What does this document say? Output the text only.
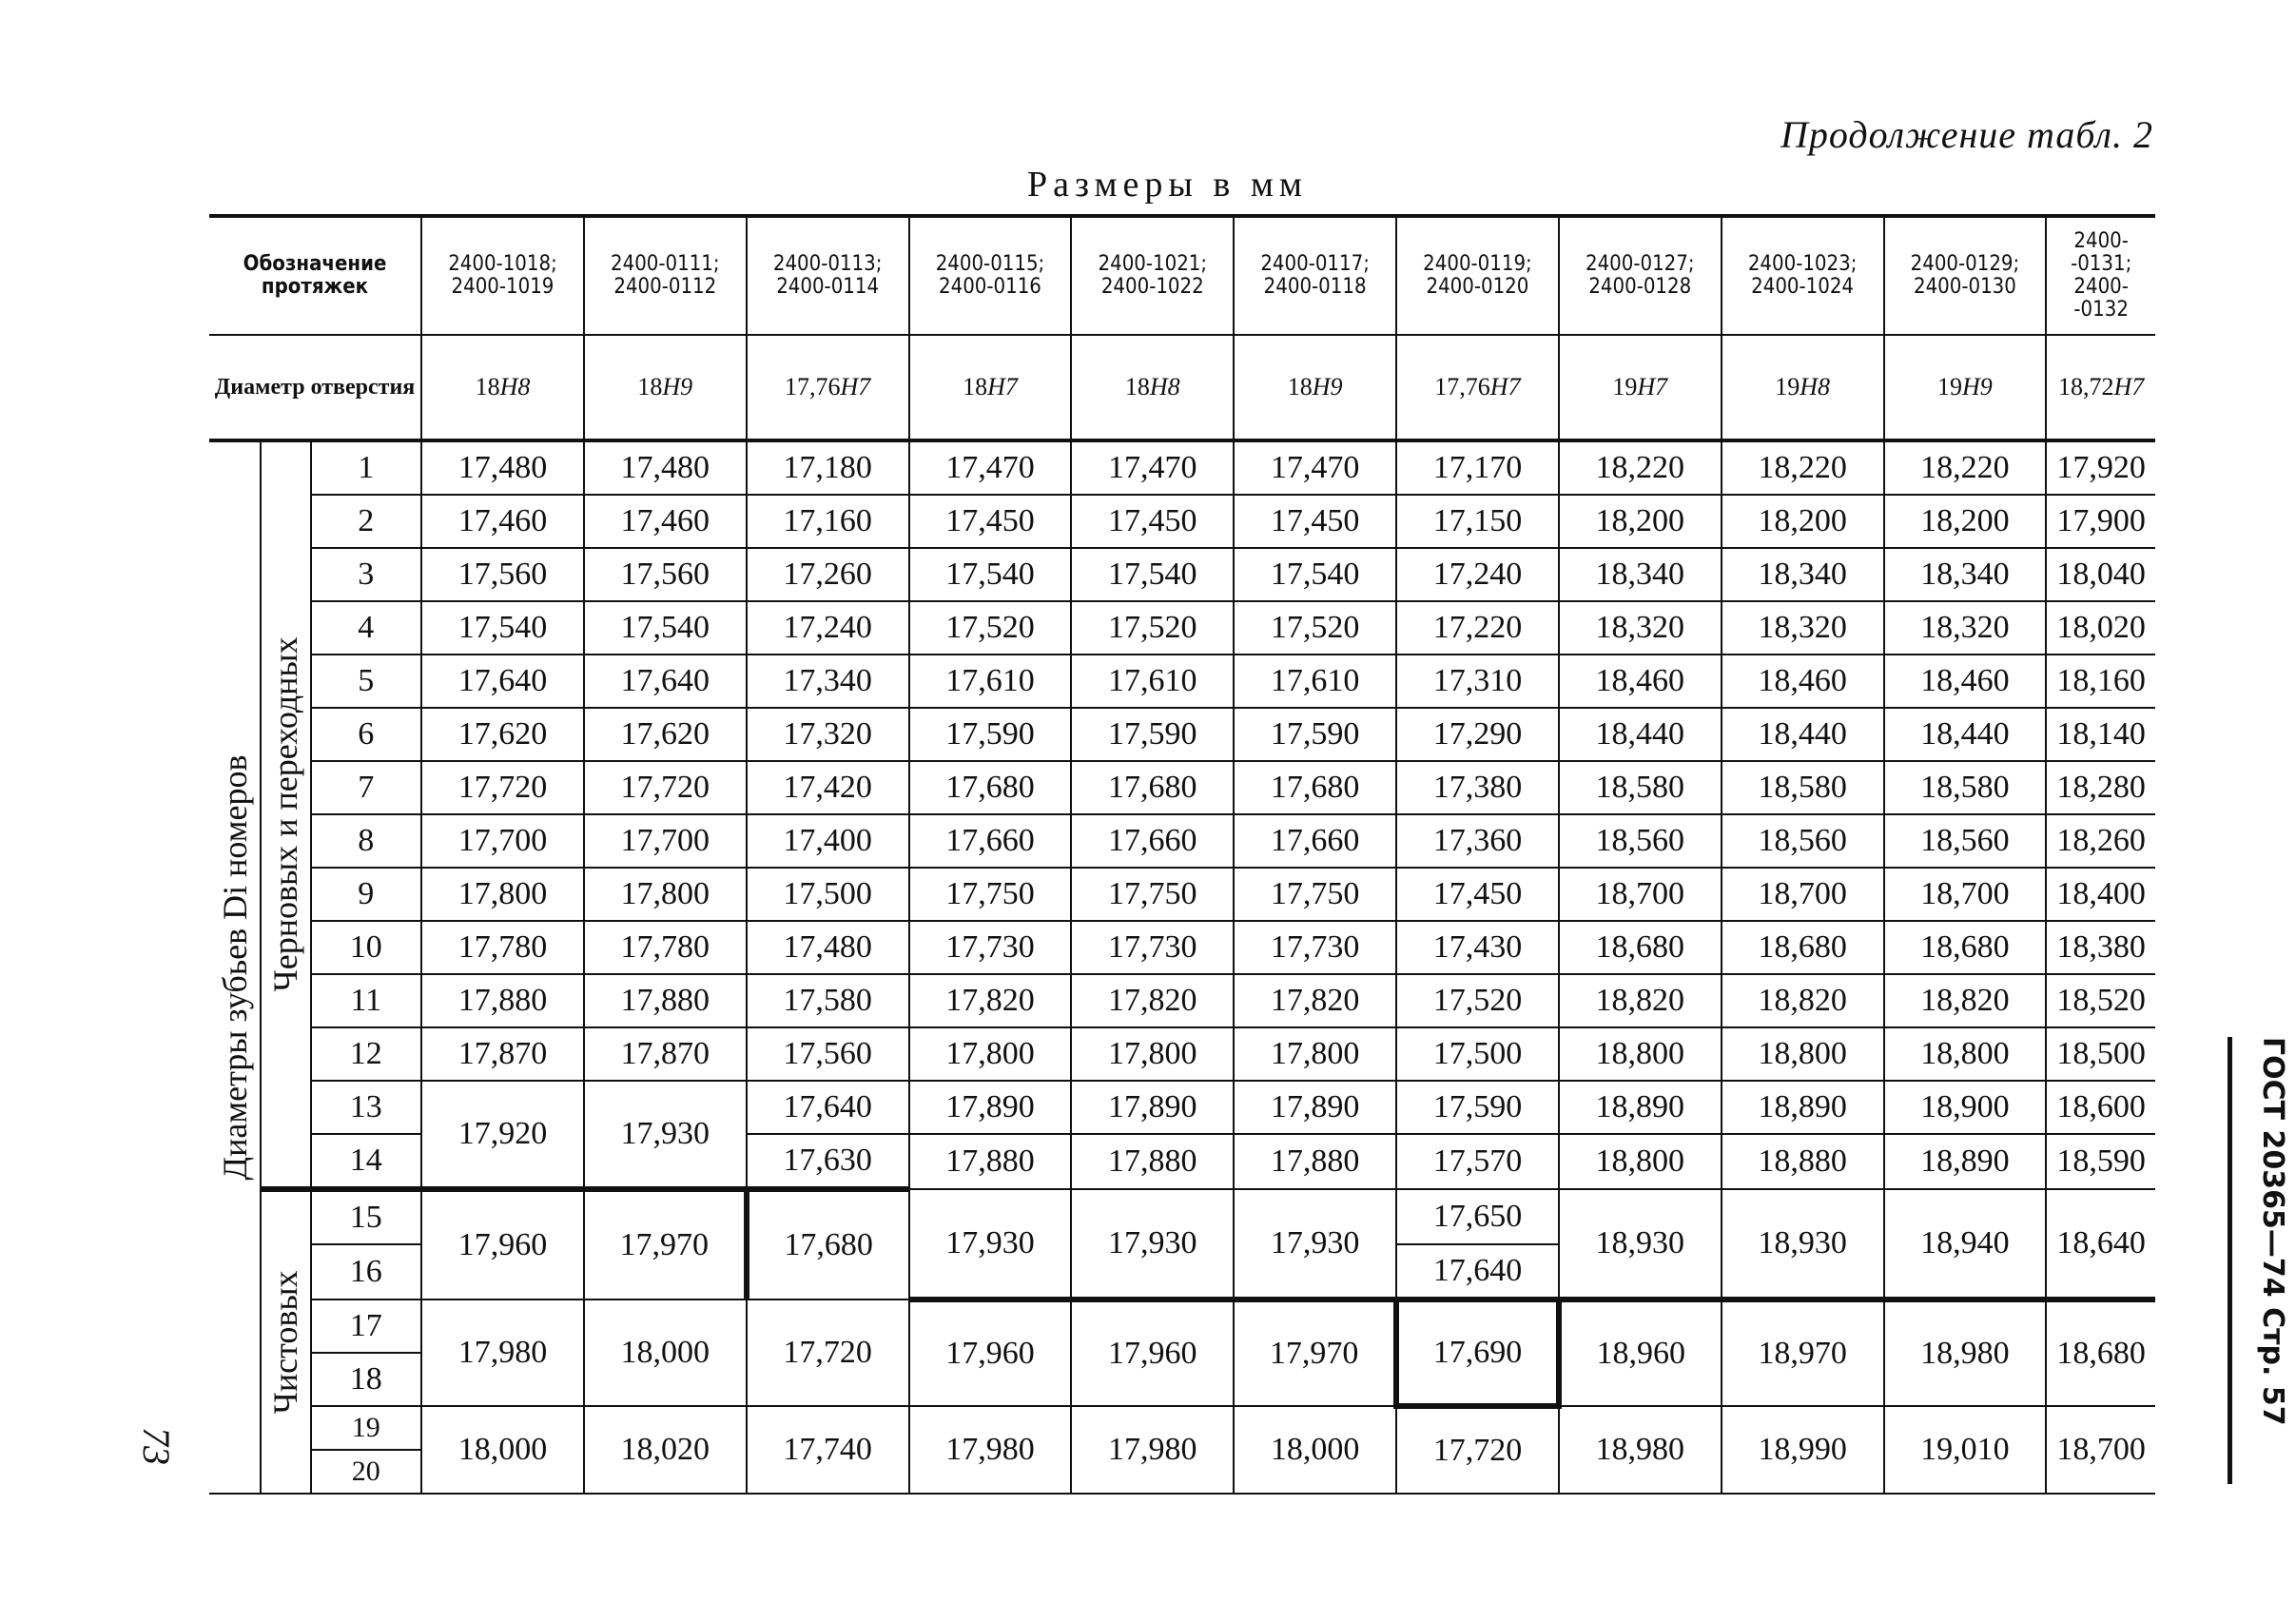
Продолжение табл. 2
Размеры в мм
ГОСТ 20365—74 Стр. 57
73
Обозначение протяжек			2400-1018; 2400-1019	2400-0111; 2400-0112	2400-0113; 2400-0114	2400-0115; 2400-0116	2400-1021; 2400-1022	2400-0117; 2400-0118	2400-0119; 2400-0120	2400-0127; 2400-0128	2400-1023; 2400-1024	2400-0129; 2400-0130	2400- -0131; 2400- -0132
Диаметр отверстия			18H8	18H9	17,76H7	18H7	18H8	18H9	17,76H7	19H7	19H8	19H9	18,72H7

Диаметры зубьев Di номеров	Черновых и переходных	1	17,480	17,480	17,180	17,470	17,470	17,470	17,170	18,220	18,220	18,220	17,920
		2	17,460	17,460	17,160	17,450	17,450	17,450	17,150	18,200	18,200	18,200	17,900
		3	17,560	17,560	17,260	17,540	17,540	17,540	17,240	18,340	18,340	18,340	18,040
		4	17,540	17,540	17,240	17,520	17,520	17,520	17,220	18,320	18,320	18,320	18,020
		5	17,640	17,640	17,340	17,610	17,610	17,610	17,310	18,460	18,460	18,460	18,160
		6	17,620	17,620	17,320	17,590	17,590	17,590	17,290	18,440	18,440	18,440	18,140
		7	17,720	17,720	17,420	17,680	17,680	17,680	17,380	18,580	18,580	18,580	18,280
		8	17,700	17,700	17,400	17,660	17,660	17,660	17,360	18,560	18,560	18,560	18,260
		9	17,800	17,800	17,500	17,750	17,750	17,750	17,450	18,700	18,700	18,700	18,400
		10	17,780	17,780	17,480	17,730	17,730	17,730	17,430	18,680	18,680	18,680	18,380
		11	17,880	17,880	17,580	17,820	17,820	17,820	17,520	18,820	18,820	18,820	18,520
		12	17,870	17,870	17,560	17,800	17,800	17,800	17,500	18,800	18,800	18,800	18,500
		13	17,920	17,930	17,640	17,890	17,890	17,890	17,590	18,890	18,890	18,900	18,600
		14			17,630	17,880	17,880	17,880	17,570	18,800	18,880	18,890	18,590

	Чистовых	15	17,960	17,970	17,680	17,930	17,930	17,930	17,650	18,930	18,930	18,940	18,640
		16							17,640				
		17	17,980	18,000	17,720	17,960	17,960	17,970	17,690	18,960	18,970	18,980	18,680
		18											
		19	18,000	18,020	17,740	17,980	17,980	18,000	17,720	18,980	18,990	19,010	18,700
		20											
